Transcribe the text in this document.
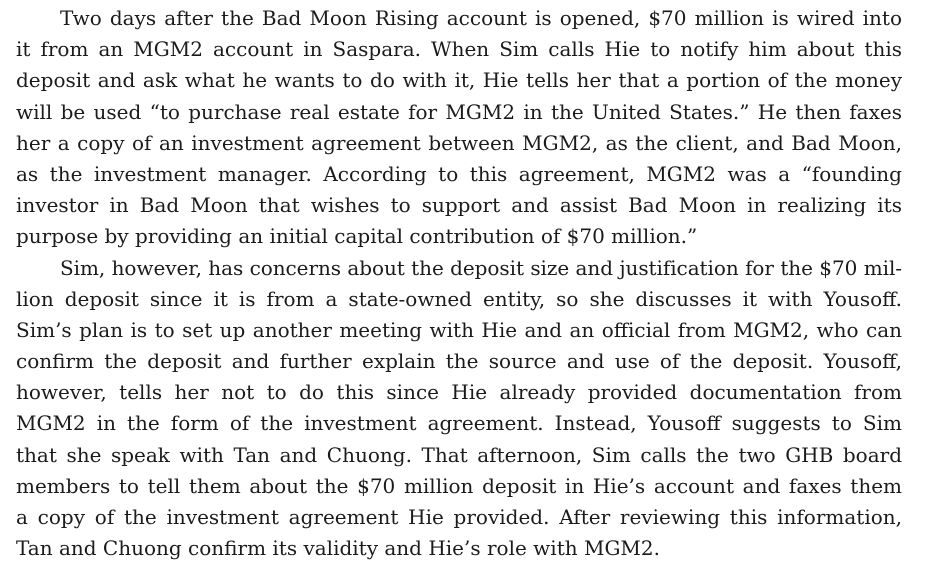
Two days after the Bad Moon Rising account is opened, $70 million is wired into
it from an MGM2 account in Saspara. When Sim calls Hie to notify him about this
deposit and ask what he wants to do with it, Hie tells her that a portion of the money
will be used “to purchase real estate for MGM2 in the United States.” He then faxes
her a copy of an investment agreement between MGM2, as the client, and Bad Moon,
as the investment manager. According to this agreement, MGM2 was a “founding
investor in Bad Moon that wishes to support and assist Bad Moon in realizing its
purpose by providing an initial capital contribution of $70 million.”
Sim, however, has concerns about the deposit size and justification for the $70 mil-
lion deposit since it is from a state-owned entity, so she discusses it with Yousoff.
Sim’s plan is to set up another meeting with Hie and an official from MGM2, who can
confirm the deposit and further explain the source and use of the deposit. Yousoff,
however, tells her not to do this since Hie already provided documentation from
MGM2 in the form of the investment agreement. Instead, Yousoff suggests to Sim
that she speak with Tan and Chuong. That afternoon, Sim calls the two GHB board
members to tell them about the $70 million deposit in Hie’s account and faxes them
a copy of the investment agreement Hie provided. After reviewing this information,
Tan and Chuong confirm its validity and Hie’s role with MGM2.
